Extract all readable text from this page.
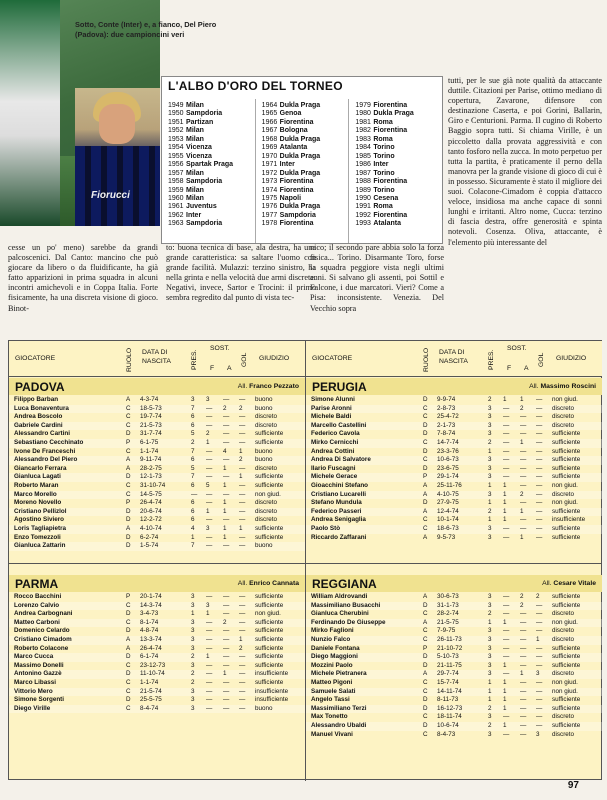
Sotto, Conte (Inter) e, a fianco, Del Piero (Padova): due campioncini veri
Fiorucci
L'ALBO D'ORO DEL TORNEO
1949 Milan
1950 Sampdoria
1951 Partizan
1952 Milan
1953 Milan
1954 Vicenza
1955 Vicenza
1956 Spartak Praga
1957 Milan
1958 Sampdoria
1959 Milan
1960 Milan
1961 Juventus
1962 Inter
1963 Sampdoria
1964 Dukla Praga
1965 Genoa
1966 Fiorentina
1967 Bologna
1968 Dukla Praga
1969 Atalanta
1970 Dukla Praga
1971 Inter
1972 Dukla Praga
1973 Fiorentina
1974 Fiorentina
1975 Napoli
1976 Dukla Praga
1977 Sampdoria
1978 Fiorentina
1979 Fiorentina
1980 Dukla Praga
1981 Roma
1982 Fiorentina
1983 Roma
1984 Torino
1985 Torino
1986 Inter
1987 Torino
1988 Fiorentina
1989 Torino
1990 Cesena
1991 Roma
1992 Fiorentina
1993 Atalanta
tutti, per le sue già note qualità da attaccante duttile. Citazioni per Parise, ottimo mediano di copertura, Zavarone, difensore con destinazione Caserta, e poi Gorini, Ballarin, Giro e Centurioni. Parma. Il cugino di Roberto Baggio sopra tutti. Si chiama Virille, è un piccoletto dalla provata aggressività e con tanto fosforo nella zucca. In moto perpetuo per tutta la partita, è praticamente il perno della manovra per la grande visione di gioco di cui è in possesso. Sicuramente è stato il migliore dei suoi. Colacone-Cimadom è coppia d'attacco veloce, insidiosa ma anche capace di sonni lunghi e irritanti. Altro nome, Cucca: terzino di fascia destra, offre generosità e spinta notevoli. Cosenza. Oliva, attaccante, è l'elemento più interessante del
cesse un po' meno) sarebbe da grandi palcoscenici. Dal Canto: mancino che può giocare da libero o da fluidificante, ha già fatto apparizioni in prima squadra in alcuni incontri amichevoli e in Coppa Italia. Forte fisicamente, ha una discreta visione di gioco. Binot-
to: buona tecnica di base, ala destra, ha una grande caratteristica: sa saltare l'uomo con grande facilità. Mulazzi: terzino sinistro, ha nella grinta e nella velocità due armi discrete. Negativi, invece, Sartor e Trocini: il primo sembra regredito dal punto di vista tec-
nico; il secondo pare abbia solo la forza fisica... Torino. Disarmante Toro, forse la squadra peggiore vista negli ultimi anni. Si salvano gli assenti, poi Sottil e Falcone, i due marcatori. Vieri? Come a Pisa: inconsistente. Venezia. Del Vecchio sopra
GIOCATORE	RUOLO DATA DI
NASCITA	PRES.
SOST.
F A
GOL GIUDIZIO
PADOVA	All. Franco Pezzato
Filippo Barban	A 4-3-74	3 3 — — buono
Luca Bonaventura	C 18-5-73	7 — 2 2 buono
Andrea Boscolo	C 19-7-74	6 — — — discreto
Gabriele Cardini	C 21-5-73	6 — — — discreto
Alessandro Cartini	D 31-7-74	5 2 — — sufficiente
Sebastiano Cecchinato	P 6-1-75	2 1 — — sufficiente
Ivone De Franceschi	C 1-1-74	7 — 4 1 buono
Alessandro Del Piero	A 9-11-74	6 — — 2 buono
Giancarlo Ferrara	A 28-2-75	5 — 1 — discreto
Gianluca Lagati	D 12-1-73	7 — — 1 sufficiente
Roberto Maran	C 31-10-74	6 5 1 — sufficiente
Marco Morello	C 14-5-75	— — — — non giud.
Moreno Novello	P 26-4-74	6 — 1 — discreto
Cristiano Pellizlol	D 20-6-74	6 1 1 — discreto
Agostino Siviero	D 12-2-72	6 — — — discreto
Loris Tagliapietra	A 4-10-74	4 3 1 1 sufficiente
Enzo Tomezzoli	D 6-2-74	1 — 1 — sufficiente
Gianluca Zattarin	D 1-5-74	7 — — — buono
PARMA	All. Enrico Cannata
Rocco Bacchini	P 20-1-74	3 — — — sufficiente
Lorenzo Calvio	C 14-3-74	3 3 — — sufficiente
Andrea Carbognani	D 3-4-73	1 1 — — non giud.
Matteo Carboni	C 8-1-74	3 — 2 — sufficiente
Domenico Celardo	D 4-8-74	3 — — — sufficiente
Cristiano Cimadom	A 13-3-74	3 — — 1 sufficiente
Roberto Colacone	A 26-4-74	3 — — 2 sufficiente
Marco Cucca	D 6-1-74	2 1 — — sufficiente
Massimo Donelli	C 23-12-73	3 — — — sufficiente
Antonino Gazzè	D 11-10-74	2 — 1 — insufficiente
Marco Libassi	C 1-1-74	2 — — — sufficiente
Vittorio Mero	C 21-5-74	3 — — — insufficiente
Simone Sorgenti	D 25-5-75	3 — — — insufficiente
Diego Virille	C 8-4-74	3 — — — buono
GIOCATORE	RUOLO DATA DI
NASCITA	PRES.
SOST.
F A
GOL GIUDIZIO
PERUGIA	All. Massimo Roscini
Simone Alunni	D 9-9-74	2 1 1 — non giud.
Parise Aronni	C 2-8-73	3 — 2 — discreto
Michele Baldi	C 25-4-72	3 — — — discreto
Marcello Castellini	D 2-1-73	3 — — — discreto
Federico Cavola	D 7-8-74	3 — — — sufficiente
Mirko Cernicchi	C 14-7-74	2 — 1 — sufficiente
Andrea Cottini	D 23-3-76	1 — — — sufficiente
Andrea Di Salvatore	C 10-6-73	3 — — — sufficiente
Ilario Fuscagni	D 23-6-75	3 — — — sufficiente
Michele Gerace	P 29-1-74	3 — — — sufficiente
Gioacchini Stefano	A 25-11-76	1 1 — — non giud.
Cristiano Lucarelli	A 4-10-75	3 1 2 — discreto
Stefano Mundula	D 27-9-75	1 1 — — non giud.
Federico Passeri	A 12-4-74	2 1 1 — sufficiente
Andrea Senigaglia	C 10-1-74	1 1 — — insufficiente
Paolo Stò	C 18-6-73	3 — — — sufficiente
Riccardo Zaffarani	A 9-5-73	3 — 1 — sufficiente
REGGIANA	All. Cesare Vitale
William Aldrovandi	A 30-6-73	3 — 2 2 sufficiente
Massimiliano Busacchi	D 31-1-73	3 — 2 — sufficiente
Gianluca Cherubini	C 28-2-74	2 — — — discreto
Ferdinando De Giuseppe	A 21-5-75	1 1 — — non giud.
Mirko Faglioni	C 7-9-75	3 — — — discreto
Nunzio Falco	C 26-11-73	3 — — 1 discreto
Daniele Fontana	P 21-10-72	3 — — — sufficiente
Diego Maggioni	D 5-10-73	3 — — — sufficiente
Mozzini Paolo	D 21-11-75	3 1 — — sufficiente
Michele Pietranera	A 29-7-74	3 — 1 3 discreto
Matteo Pigoni	C 15-7-74	1 1 — — non giud.
Samuele Salati	C 14-11-74	1 1 — — non giud.
Angelo Tassi	D 8-11-73	1 1 — — sufficiente
Massimiliano Terzi	D 16-12-73	2 1 — — sufficiente
Max Tonetto	C 18-11-74	3 — — — discreto
Alessandro Ubaldi	D 10-6-74	2 1 — — sufficiente
Manuel Vivani	C 8-4-73	3 — — 3 discreto
97
